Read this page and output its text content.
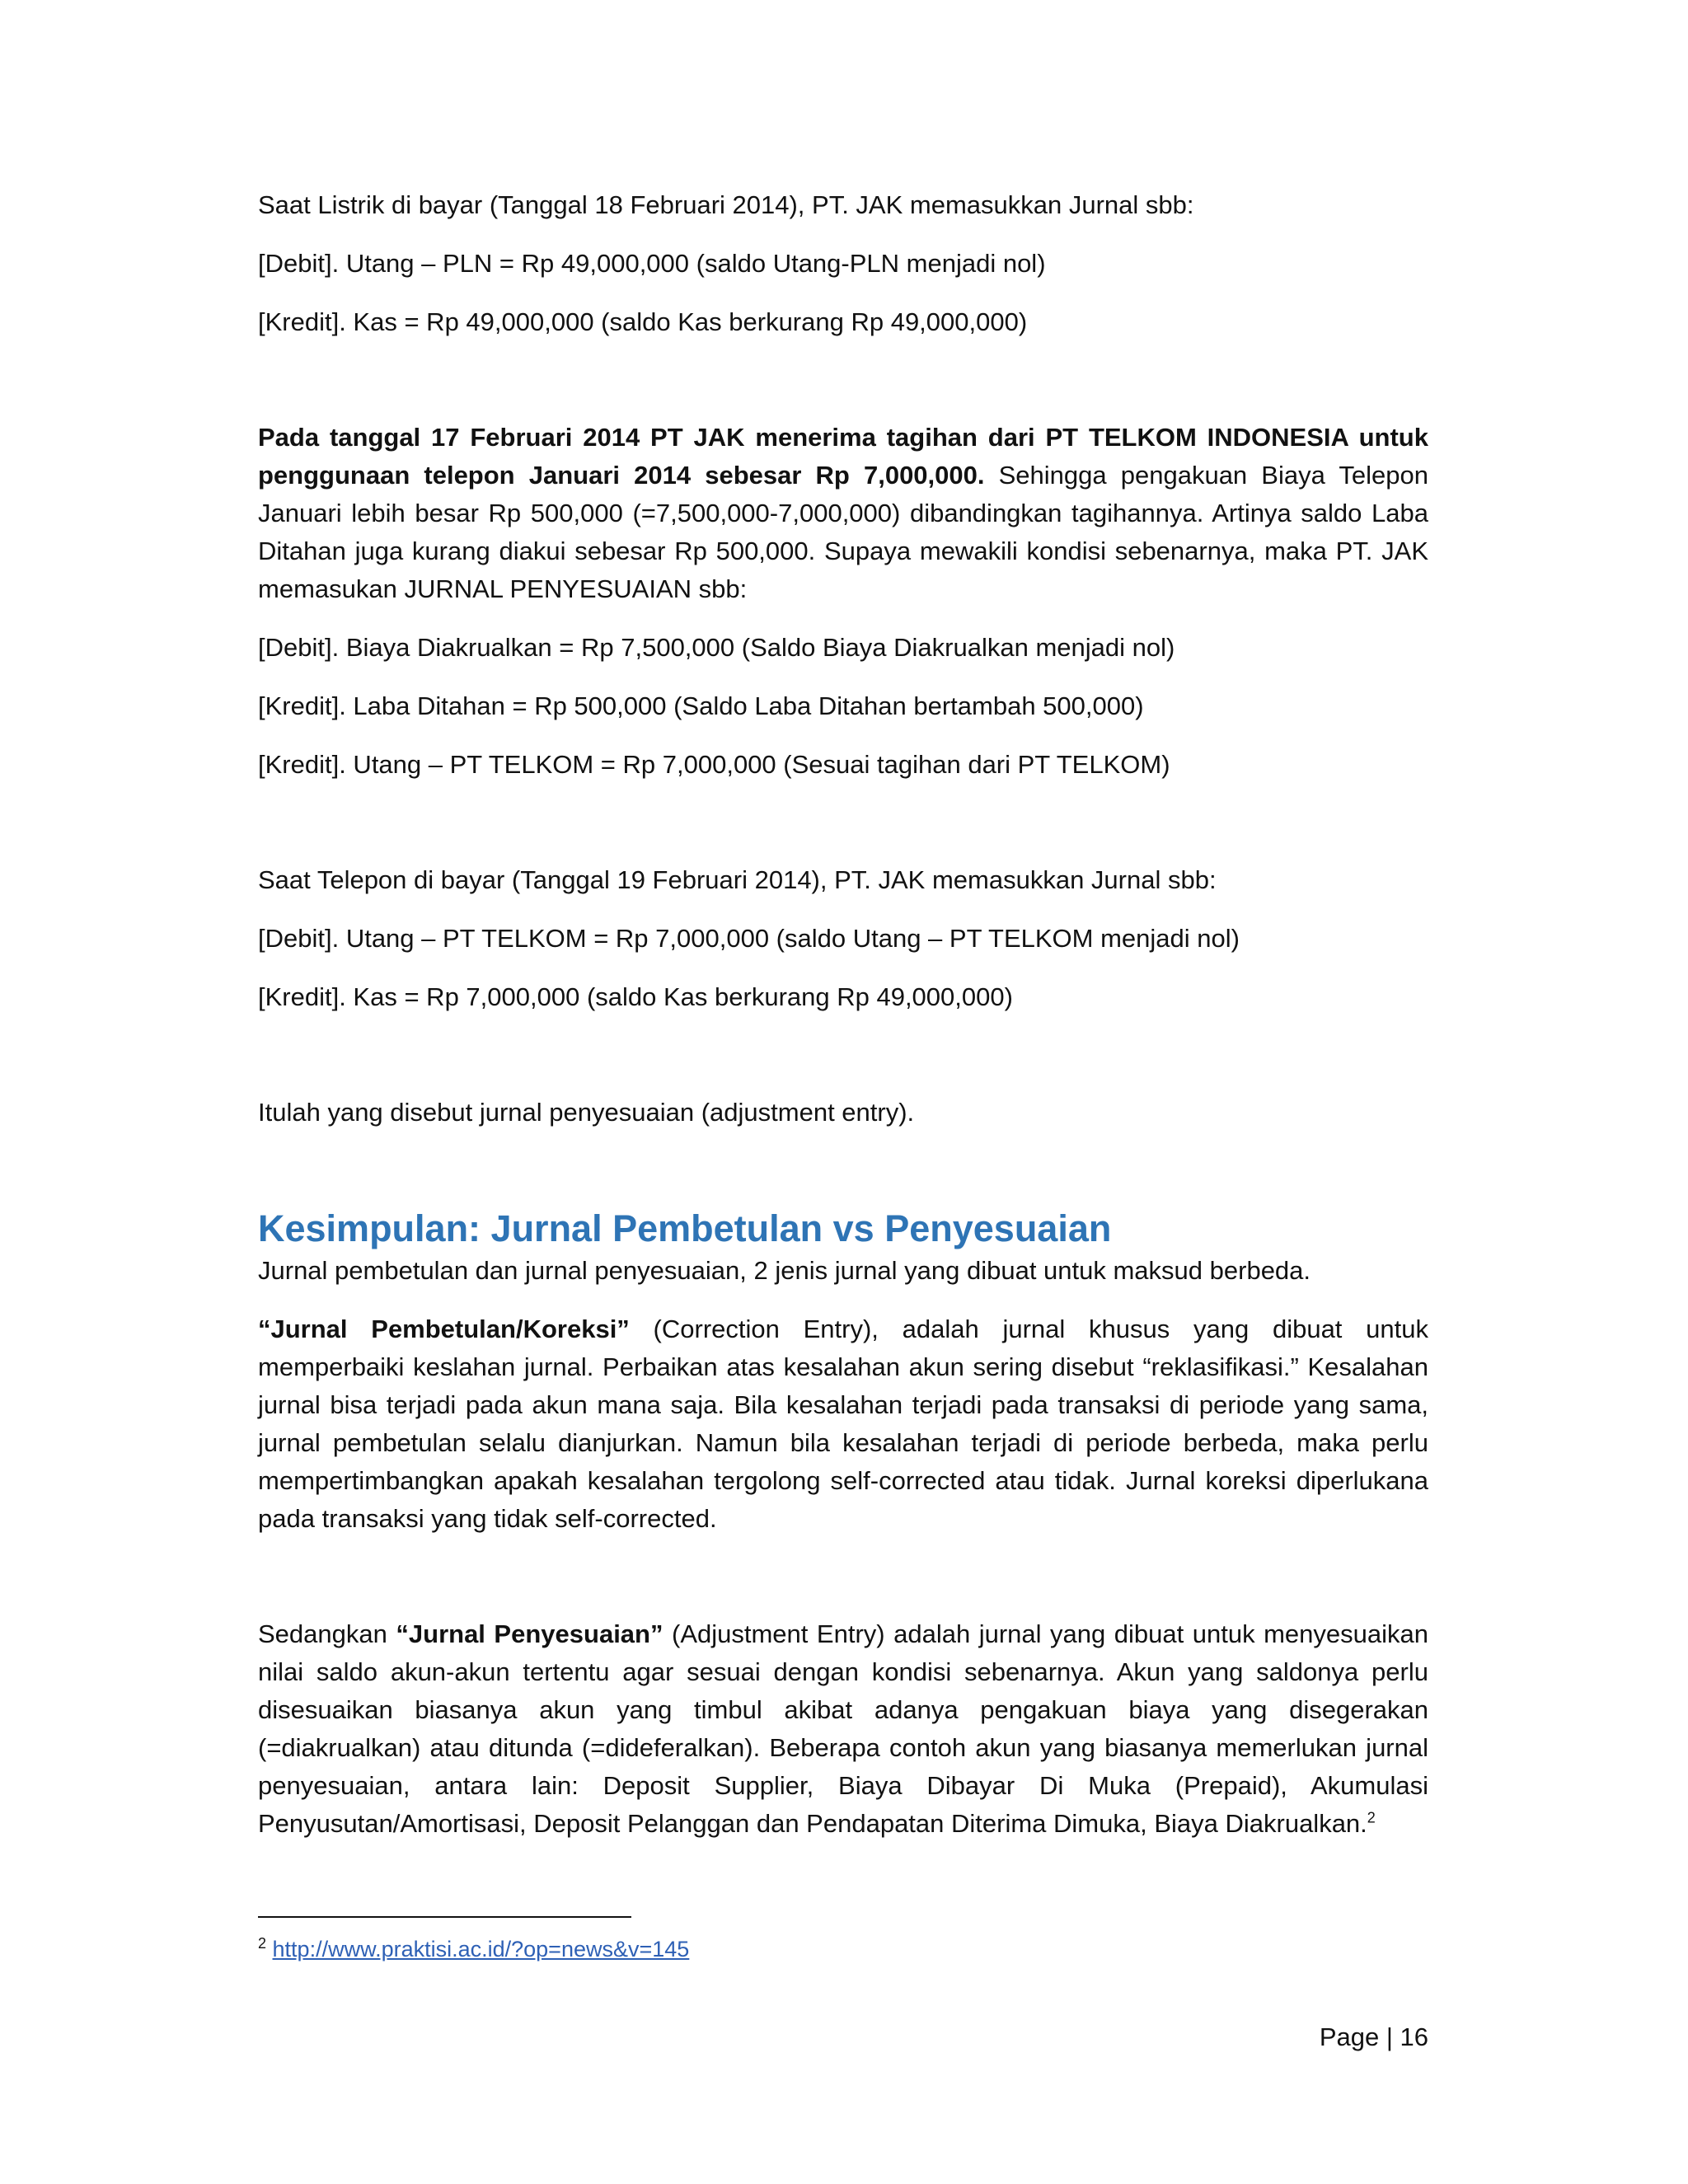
Saat Listrik di bayar (Tanggal 18 Februari 2014), PT. JAK memasukkan Jurnal sbb:

[Debit]. Utang – PLN = Rp 49,000,000 (saldo Utang-PLN menjadi nol)

[Kredit]. Kas = Rp 49,000,000 (saldo Kas berkurang Rp 49,000,000)

Pada tanggal 17 Februari 2014 PT JAK menerima tagihan dari PT TELKOM INDONESIA untuk penggunaan telepon Januari 2014 sebesar Rp 7,000,000. Sehingga pengakuan Biaya Telepon Januari lebih besar Rp 500,000 (=7,500,000-7,000,000) dibandingkan tagihannya. Artinya saldo Laba Ditahan juga kurang diakui sebesar Rp 500,000. Supaya mewakili kondisi sebenarnya, maka PT. JAK memasukan JURNAL PENYESUAIAN sbb:

[Debit]. Biaya Diakrualkan = Rp 7,500,000 (Saldo Biaya Diakrualkan menjadi nol)

[Kredit]. Laba Ditahan = Rp 500,000 (Saldo Laba Ditahan bertambah 500,000)

[Kredit]. Utang – PT TELKOM = Rp 7,000,000 (Sesuai tagihan dari PT TELKOM)

Saat Telepon di bayar (Tanggal 19 Februari 2014), PT. JAK memasukkan Jurnal sbb:

[Debit]. Utang – PT TELKOM = Rp 7,000,000 (saldo Utang – PT TELKOM menjadi nol)

[Kredit]. Kas = Rp 7,000,000 (saldo Kas berkurang Rp 49,000,000)

Itulah yang disebut jurnal penyesuaian (adjustment entry).

Kesimpulan: Jurnal Pembetulan vs Penyesuaian

Jurnal pembetulan dan jurnal penyesuaian, 2 jenis jurnal yang dibuat untuk maksud berbeda.

“Jurnal Pembetulan/Koreksi” (Correction Entry), adalah jurnal khusus yang dibuat untuk memperbaiki keslahan jurnal. Perbaikan atas kesalahan akun sering disebut “reklasifikasi.” Kesalahan jurnal bisa terjadi pada akun mana saja. Bila kesalahan terjadi pada transaksi di periode yang sama, jurnal pembetulan selalu dianjurkan. Namun bila kesalahan terjadi di periode berbeda, maka perlu mempertimbangkan apakah kesalahan tergolong self-corrected atau tidak. Jurnal koreksi diperlukana pada transaksi yang tidak self-corrected.

Sedangkan “Jurnal Penyesuaian” (Adjustment Entry) adalah jurnal yang dibuat untuk menyesuaikan nilai saldo akun-akun tertentu agar sesuai dengan kondisi sebenarnya. Akun yang saldonya perlu disesuaikan biasanya akun yang timbul akibat adanya pengakuan biaya yang disegerakan (=diakrualkan) atau ditunda (=dideferalkan). Beberapa contoh akun yang biasanya memerlukan jurnal penyesuaian, antara lain: Deposit Supplier, Biaya Dibayar Di Muka (Prepaid), Akumulasi Penyusutan/Amortisasi, Deposit Pelanggan dan Pendapatan Diterima Dimuka, Biaya Diakrualkan.$^2$

$^2$ http://www.praktisi.ac.id/?op=news&v=145
Page | 16
